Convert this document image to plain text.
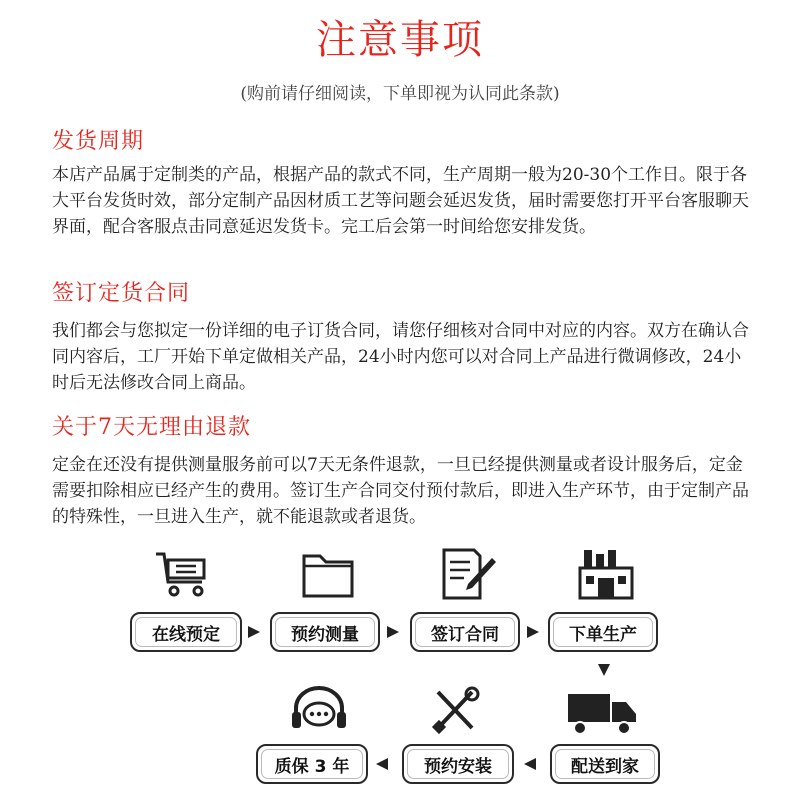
注意事项
(购前请仔细阅读，下单即视为认同此条款)
发货周期

本店产品属于定制类的产品，根据产品的款式不同，生产周期一般为20-30个工作日。限于各大平台发货时效，部分定制产品因材质工艺等问题会延迟发货，届时需要您打开平台客服聊天界面，配合客服点击同意延迟发货卡。完工后会第一时间给您安排发货。

签订定货合同

我们都会与您拟定一份详细的电子订货合同，请您仔细核对合同中对应的内容。双方在确认合同内容后，工厂开始下单定做相关产品，24小时内您可以对合同上产品进行微调修改，24小时后无法修改合同上商品。

关于7天无理由退款

定金在还没有提供测量服务前可以7天无条件退款，一旦已经提供测量或者设计服务后，定金需要扣除相应已经产生的费用。签订生产合同交付预付款后，即进入生产环节，由于定制产品的特殊性，一旦进入生产，就不能退款或者退货。

在线预定	预约测量	签订合同	下单生产
质保 3 年	预约安装	配送到家
